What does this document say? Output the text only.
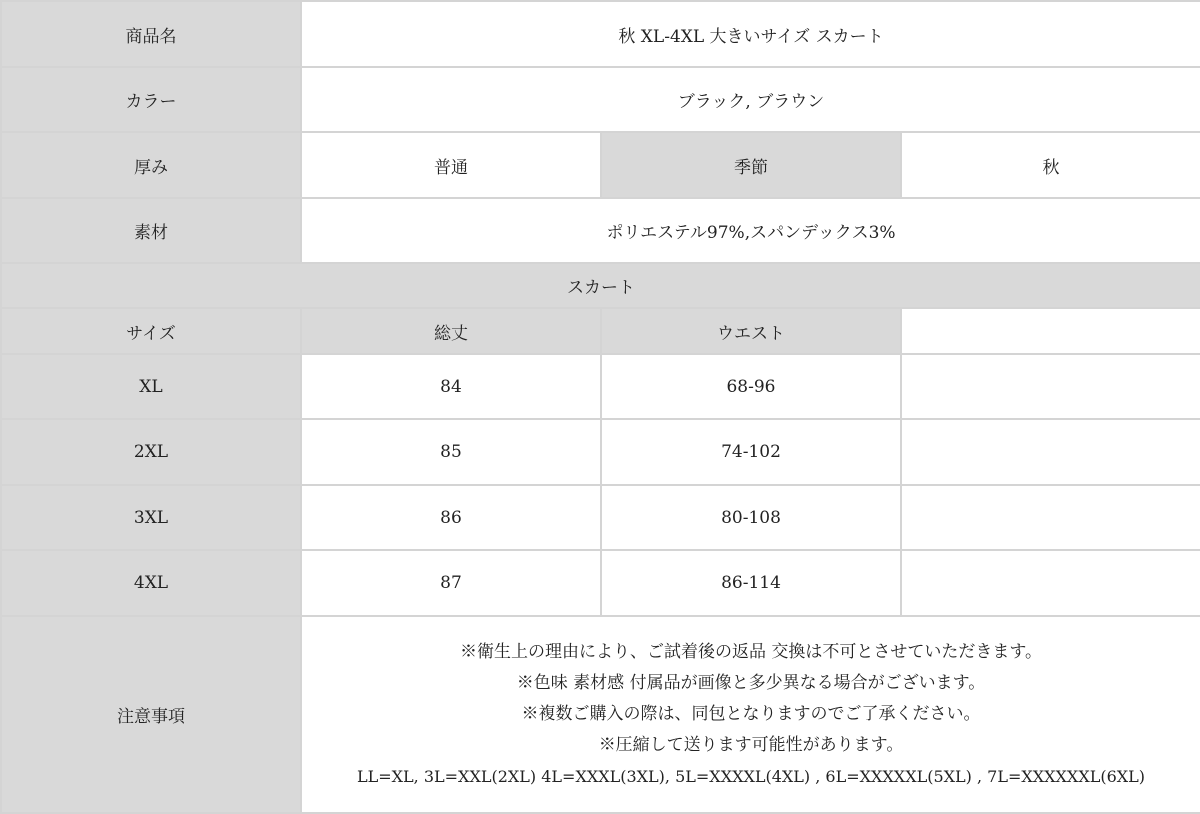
商品名	秋 XL-4XL 大きいサイズ スカート		
カラー	ブラック, ブラウン		
厚み	普通	季節	秋
素材	ポリエステル97%,スパンデックス3%		
スカート			
サイズ	総丈	ウエスト	
XL	84	68-96	
2XL	85	74-102	
3XL	86	80-108	
4XL	87	86-114	
注意事項	※衛生上の理由により、ご試着後の返品 交換は不可とさせていただきます。
※色味 素材感 付属品が画像と多少異なる場合がございます。
※複数ご購入の際は、同包となりますのでご了承ください。
※圧縮して送ります可能性があります。
LL=XL, 3L=XXL(2XL) 4L=XXXL(3XL), 5L=XXXXL(4XL) , 6L=XXXXXL(5XL) , 7L=XXXXXXL(6XL)		
